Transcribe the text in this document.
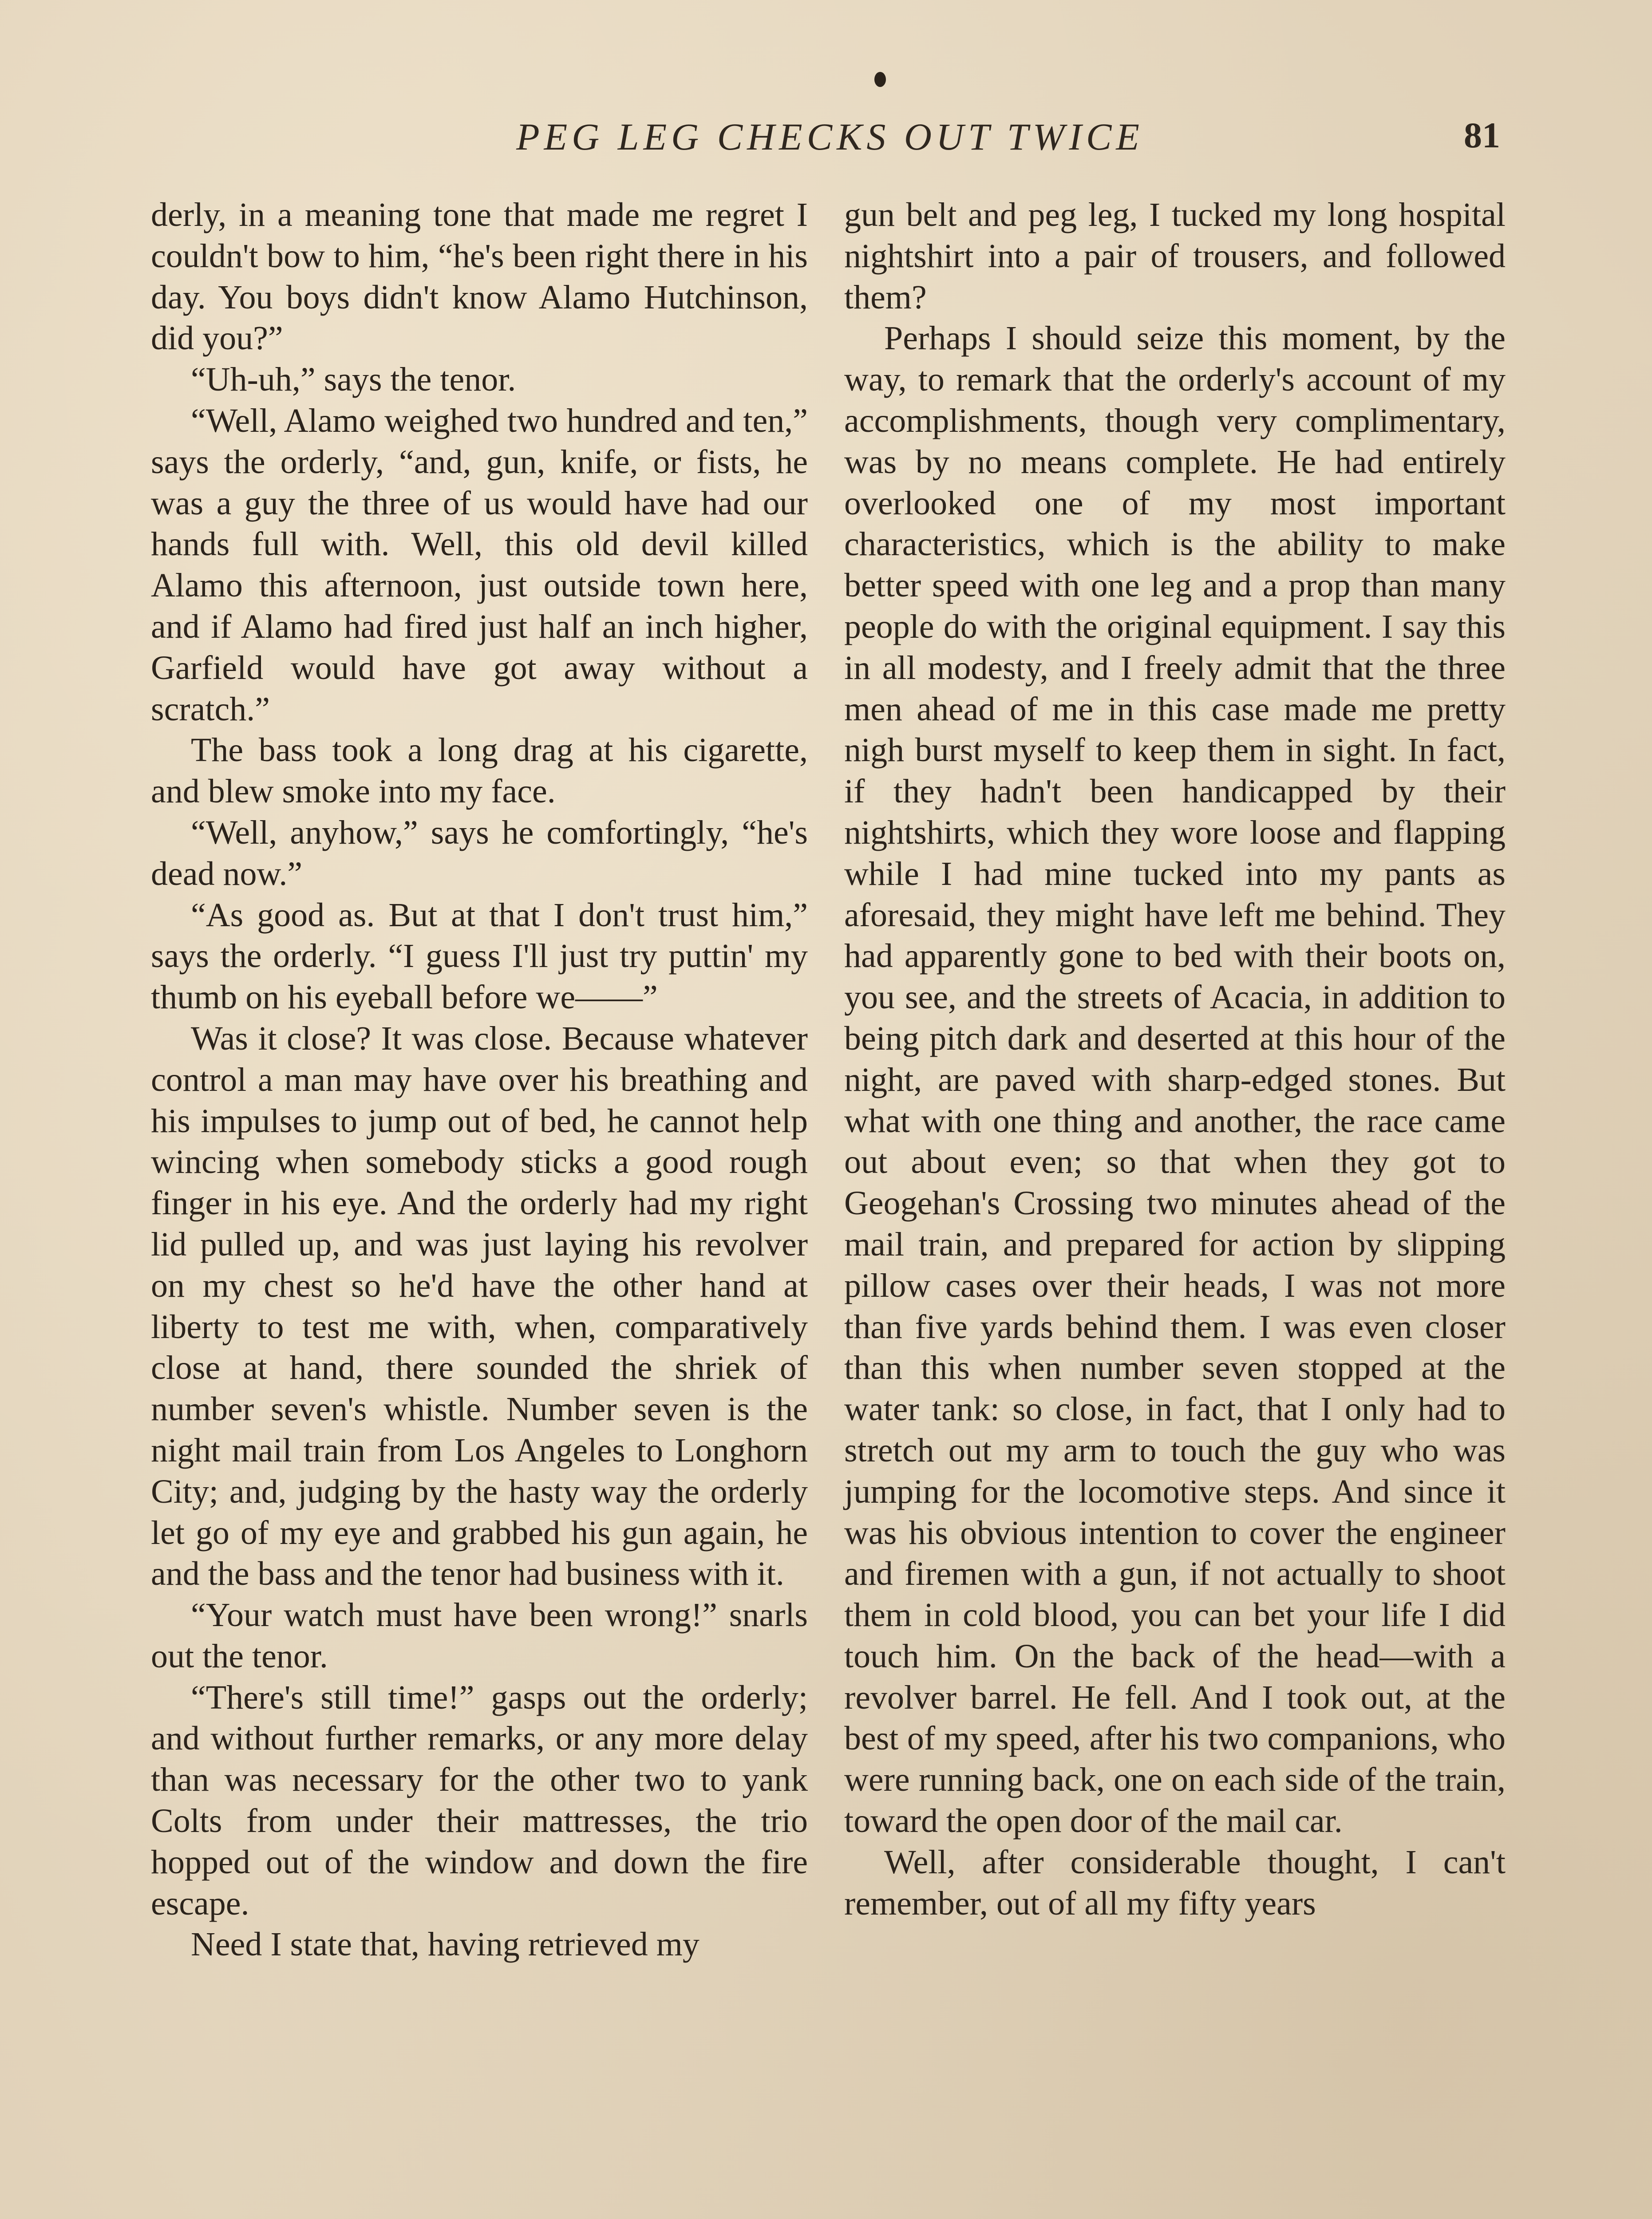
PEG LEG CHECKS OUT TWICE	81

derly, in a meaning tone that made me regret I couldn't bow to him, “he's been right there in his day. You boys didn't know Alamo Hutchinson, did you?”

“Uh-uh,” says the tenor.

“Well, Alamo weighed two hundred and ten,” says the orderly, “and, gun, knife, or fists, he was a guy the three of us would have had our hands full with. Well, this old devil killed Alamo this afternoon, just outside town here, and if Alamo had fired just half an inch higher, Garfield would have got away without a scratch.”

The bass took a long drag at his cigarette, and blew smoke into my face.

“Well, anyhow,” says he comfortingly, “he's dead now.”

“As good as. But at that I don't trust him,” says the orderly. “I guess I'll just try puttin' my thumb on his eyeball before we——”

Was it close? It was close. Because whatever control a man may have over his breathing and his impulses to jump out of bed, he cannot help wincing when somebody sticks a good rough finger in his eye. And the orderly had my right lid pulled up, and was just laying his revolver on my chest so he'd have the other hand at liberty to test me with, when, comparatively close at hand, there sounded the shriek of number seven's whistle. Number seven is the night mail train from Los Angeles to Longhorn City; and, judging by the hasty way the orderly let go of my eye and grabbed his gun again, he and the bass and the tenor had business with it.

“Your watch must have been wrong!” snarls out the tenor.

“There's still time!” gasps out the orderly; and without further remarks, or any more delay than was necessary for the other two to yank Colts from under their mattresses, the trio hopped out of the window and down the fire escape.

Need I state that, having retrieved my

gun belt and peg leg, I tucked my long hospital nightshirt into a pair of trousers, and followed them?

Perhaps I should seize this moment, by the way, to remark that the orderly's account of my accomplishments, though very complimentary, was by no means complete. He had entirely overlooked one of my most important characteristics, which is the ability to make better speed with one leg and a prop than many people do with the original equipment. I say this in all modesty, and I freely admit that the three men ahead of me in this case made me pretty nigh burst myself to keep them in sight. In fact, if they hadn't been handicapped by their nightshirts, which they wore loose and flapping while I had mine tucked into my pants as aforesaid, they might have left me behind. They had apparently gone to bed with their boots on, you see, and the streets of Acacia, in addition to being pitch dark and deserted at this hour of the night, are paved with sharp-edged stones. But what with one thing and another, the race came out about even; so that when they got to Geogehan's Crossing two minutes ahead of the mail train, and prepared for action by slipping pillow cases over their heads, I was not more than five yards behind them. I was even closer than this when number seven stopped at the water tank: so close, in fact, that I only had to stretch out my arm to touch the guy who was jumping for the locomotive steps. And since it was his obvious intention to cover the engineer and firemen with a gun, if not actually to shoot them in cold blood, you can bet your life I did touch him. On the back of the head—with a revolver barrel. He fell. And I took out, at the best of my speed, after his two companions, who were running back, one on each side of the train, toward the open door of the mail car.

Well, after considerable thought, I can't remember, out of all my fifty years
